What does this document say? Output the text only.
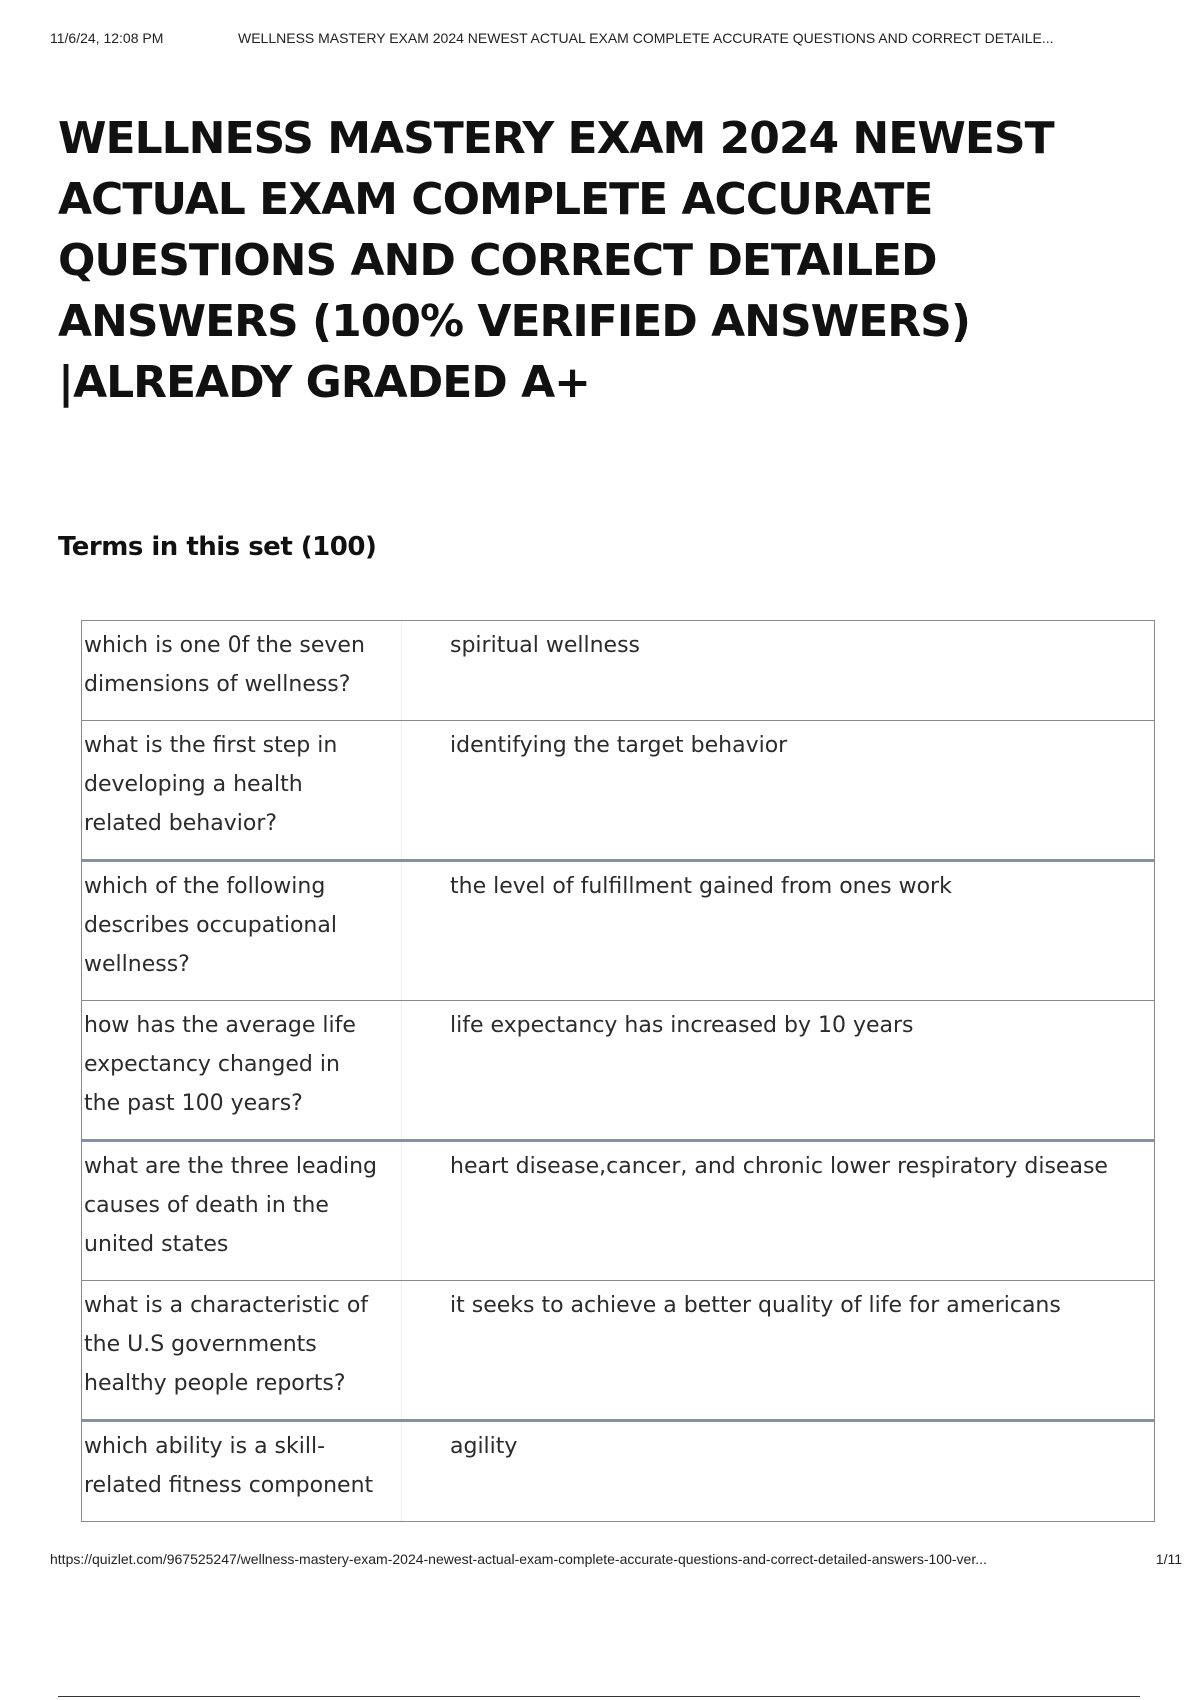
11/6/24, 12:08 PM	WELLNESS MASTERY EXAM 2024 NEWEST ACTUAL EXAM COMPLETE ACCURATE QUESTIONS AND CORRECT DETAILE...
WELLNESS MASTERY EXAM 2024 NEWEST ACTUAL EXAM COMPLETE ACCURATE QUESTIONS AND CORRECT DETAILED ANSWERS (100% VERIFIED ANSWERS) |ALREADY GRADED A+
Terms in this set (100)
which is one 0f the seven dimensions of wellness?
spiritual wellness
what is the first step in developing a health related behavior?
identifying the target behavior
which of the following describes occupational wellness?
the level of fulfillment gained from ones work
how has the average life expectancy changed in the past 100 years?
life expectancy has increased by 10 years
what are the three leading causes of death in the united states
heart disease,cancer, and chronic lower respiratory disease
what is a characteristic of the U.S governments healthy people reports?
it seeks to achieve a better quality of life for americans
which ability is a skill-related fitness component
agility
https://quizlet.com/967525247/wellness-mastery-exam-2024-newest-actual-exam-complete-accurate-questions-and-correct-detailed-answers-100-ver...	1/11
